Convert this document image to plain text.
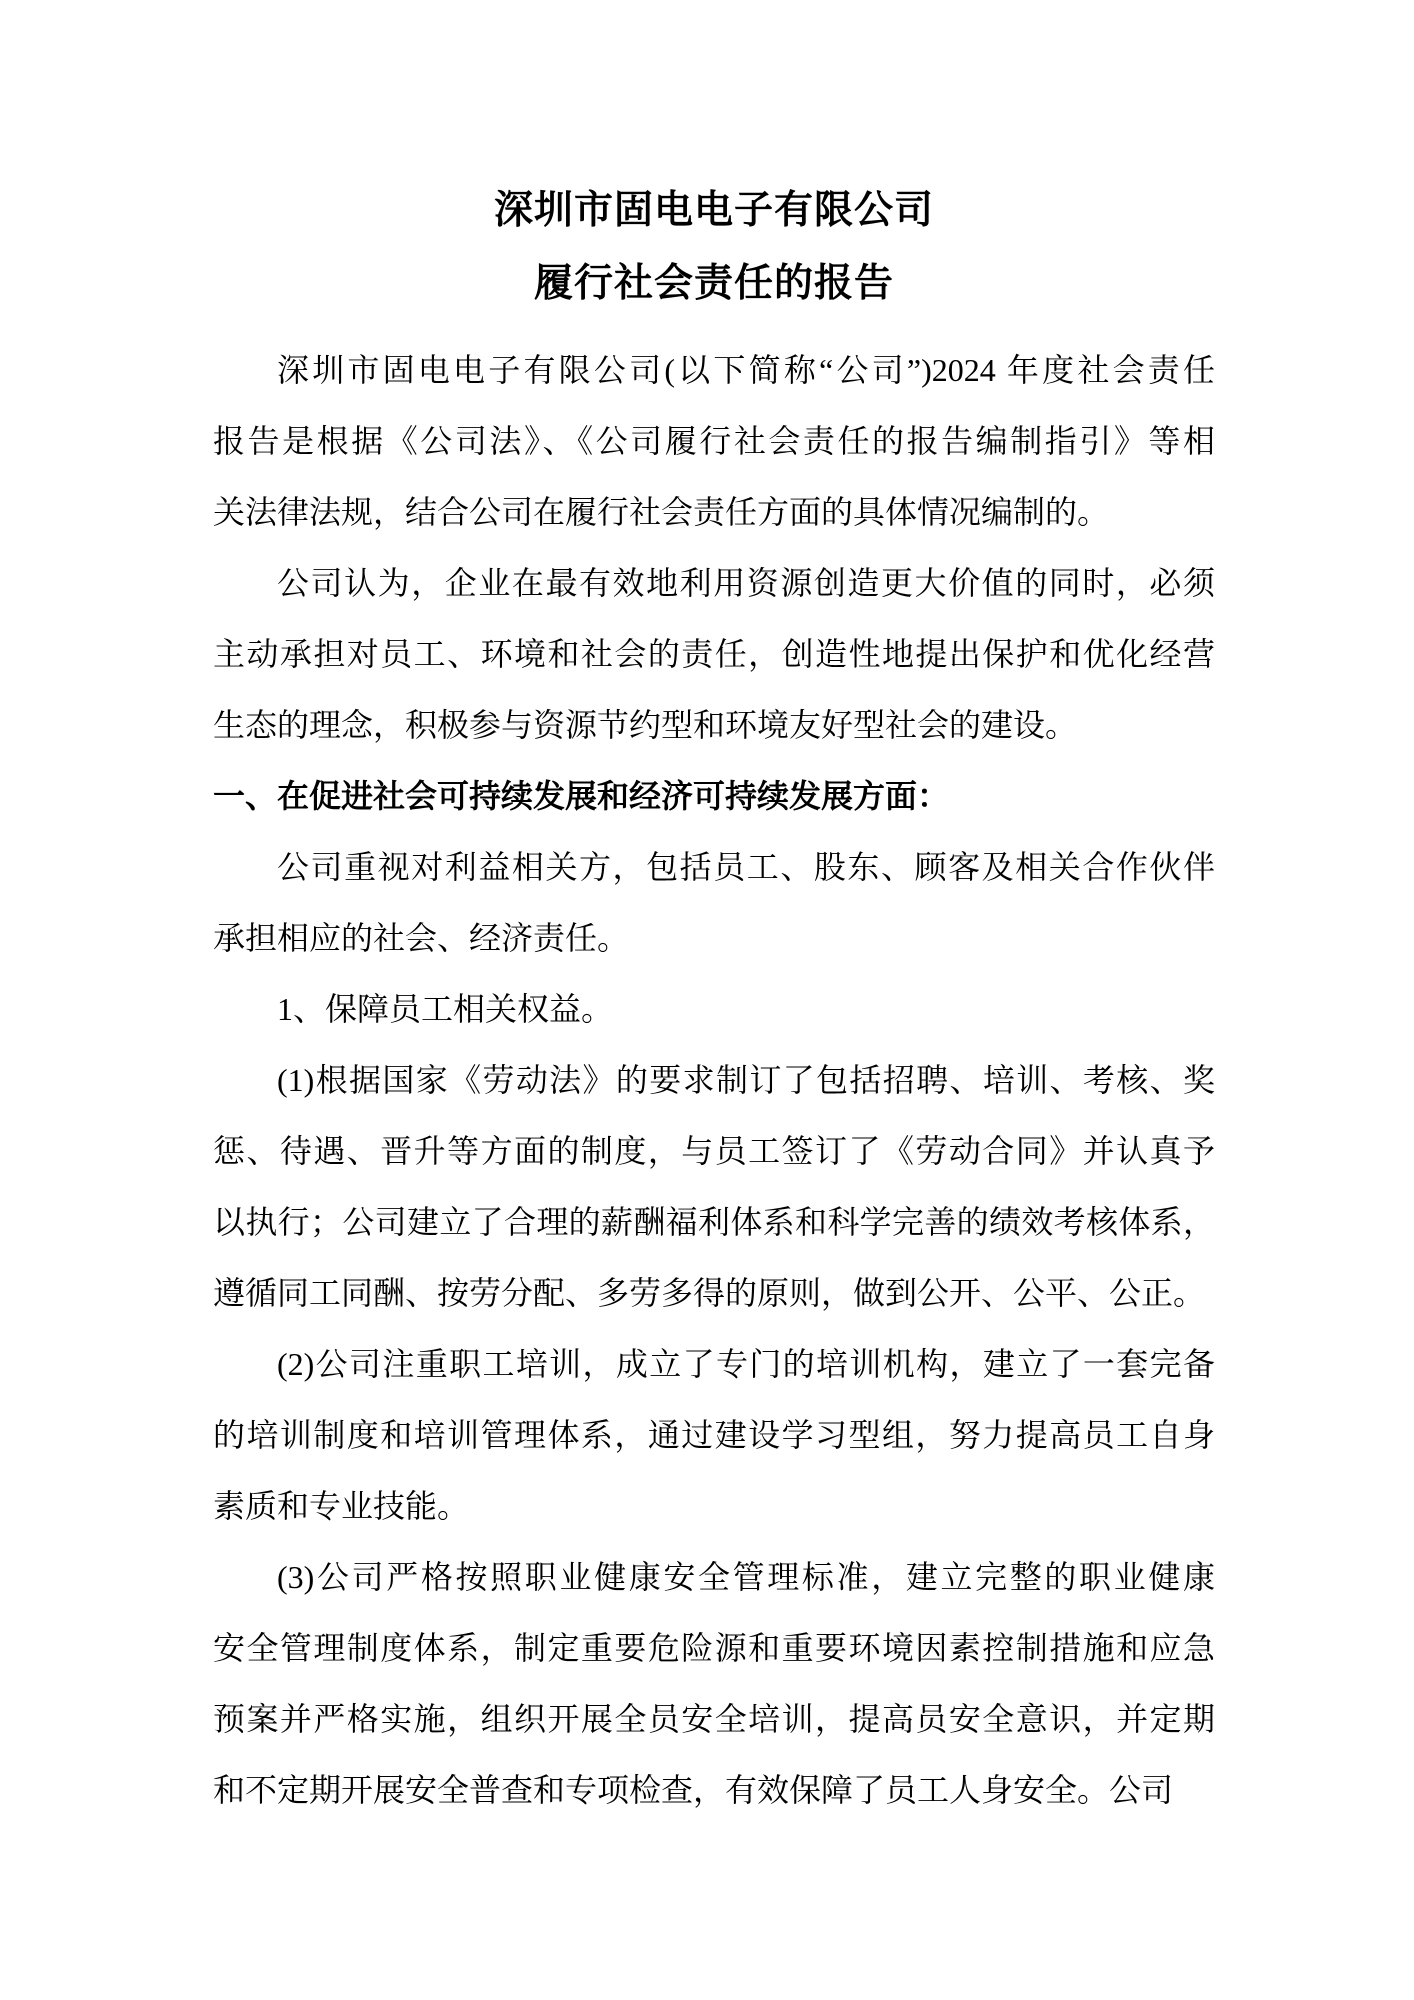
深圳市固电电子有限公司
履行社会责任的报告
深圳市固电电子有限公司(以下简称“公司”)2024 年度社会责任
报告是根据《公司法》、《公司履行社会责任的报告编制指引》等相
关法律法规，结合公司在履行社会责任方面的具体情况编制的。
公司认为，企业在最有效地利用资源创造更大价值的同时，必须
主动承担对员工、环境和社会的责任，创造性地提出保护和优化经营
生态的理念，积极参与资源节约型和环境友好型社会的建设。
一、在促进社会可持续发展和经济可持续发展方面：
公司重视对利益相关方，包括员工、股东、顾客及相关合作伙伴
承担相应的社会、经济责任。
1、保障员工相关权益。
(1)根据国家《劳动法》的要求制订了包括招聘、培训、考核、奖
惩、待遇、晋升等方面的制度，与员工签订了《劳动合同》并认真予
以执行；公司建立了合理的薪酬福利体系和科学完善的绩效考核体系，
遵循同工同酬、按劳分配、多劳多得的原则，做到公开、公平、公正。
(2)公司注重职工培训，成立了专门的培训机构，建立了一套完备
的培训制度和培训管理体系，通过建设学习型组，努力提高员工自身
素质和专业技能。
(3)公司严格按照职业健康安全管理标准，建立完整的职业健康
安全管理制度体系，制定重要危险源和重要环境因素控制措施和应急
预案并严格实施，组织开展全员安全培训，提高员安全意识，并定期
和不定期开展安全普查和专项检查，有效保障了员工人身安全。公司
